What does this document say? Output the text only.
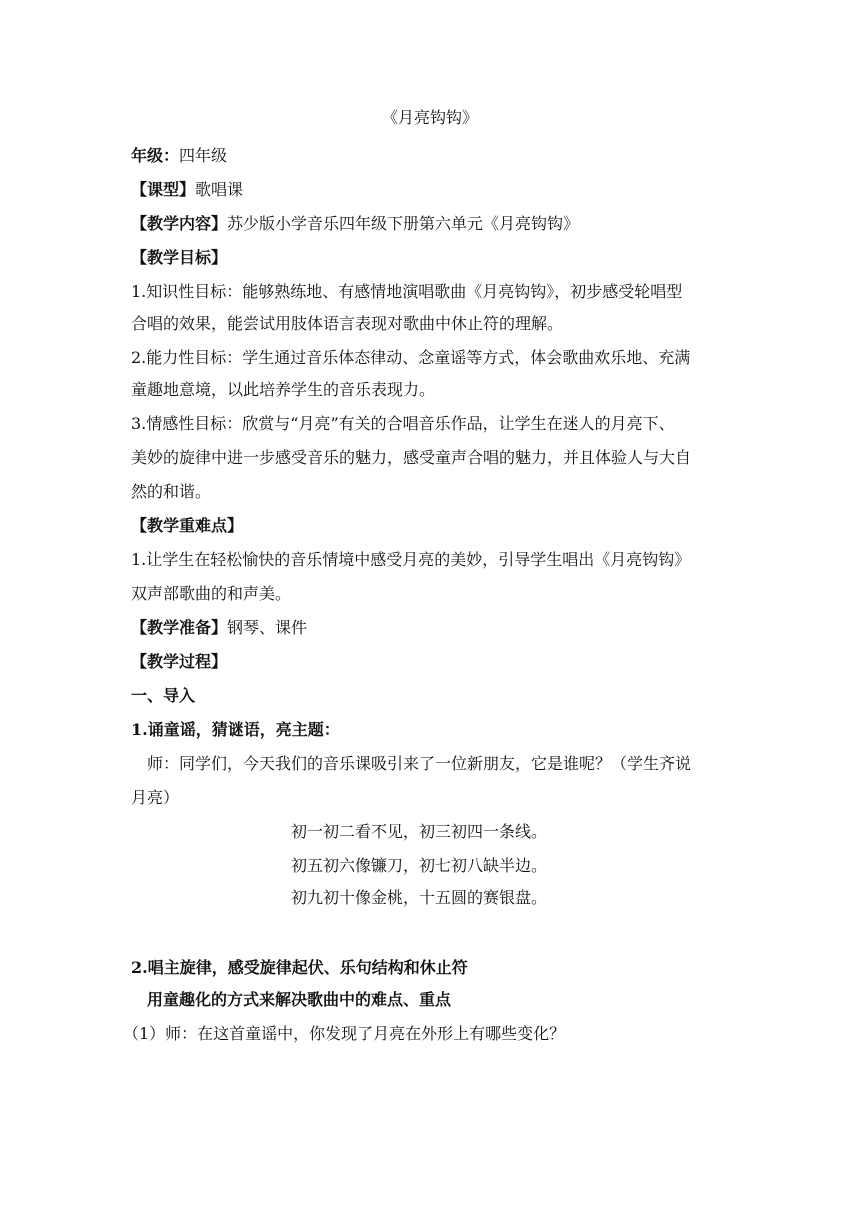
《月亮钩钩》
年级：四年级
【课型】歌唱课
【教学内容】苏少版小学音乐四年级下册第六单元《月亮钩钩》
【教学目标】
1.知识性目标：能够熟练地、有感情地演唱歌曲《月亮钩钩》，初步感受轮唱型
合唱的效果，能尝试用肢体语言表现对歌曲中休止符的理解。
2.能力性目标：学生通过音乐体态律动、念童谣等方式，体会歌曲欢乐地、充满
童趣地意境，以此培养学生的音乐表现力。
3.情感性目标：欣赏与“月亮”有关的合唱音乐作品，让学生在迷人的月亮下、
美妙的旋律中进一步感受音乐的魅力，感受童声合唱的魅力，并且体验人与大自
然的和谐。
【教学重难点】
1.让学生在轻松愉快的音乐情境中感受月亮的美妙，引导学生唱出《月亮钩钩》
双声部歌曲的和声美。
【教学准备】钢琴、课件
【教学过程】
一、导入
1.诵童谣，猜谜语，亮主题：
师：同学们，今天我们的音乐课吸引来了一位新朋友，它是谁呢？（学生齐说
月亮）
初一初二看不见，初三初四一条线。
初五初六像镰刀，初七初八缺半边。
初九初十像金桃，十五圆的赛银盘。
2.唱主旋律，感受旋律起伏、乐句结构和休止符
用童趣化的方式来解决歌曲中的难点、重点
（1）师：在这首童谣中，你发现了月亮在外形上有哪些变化？
